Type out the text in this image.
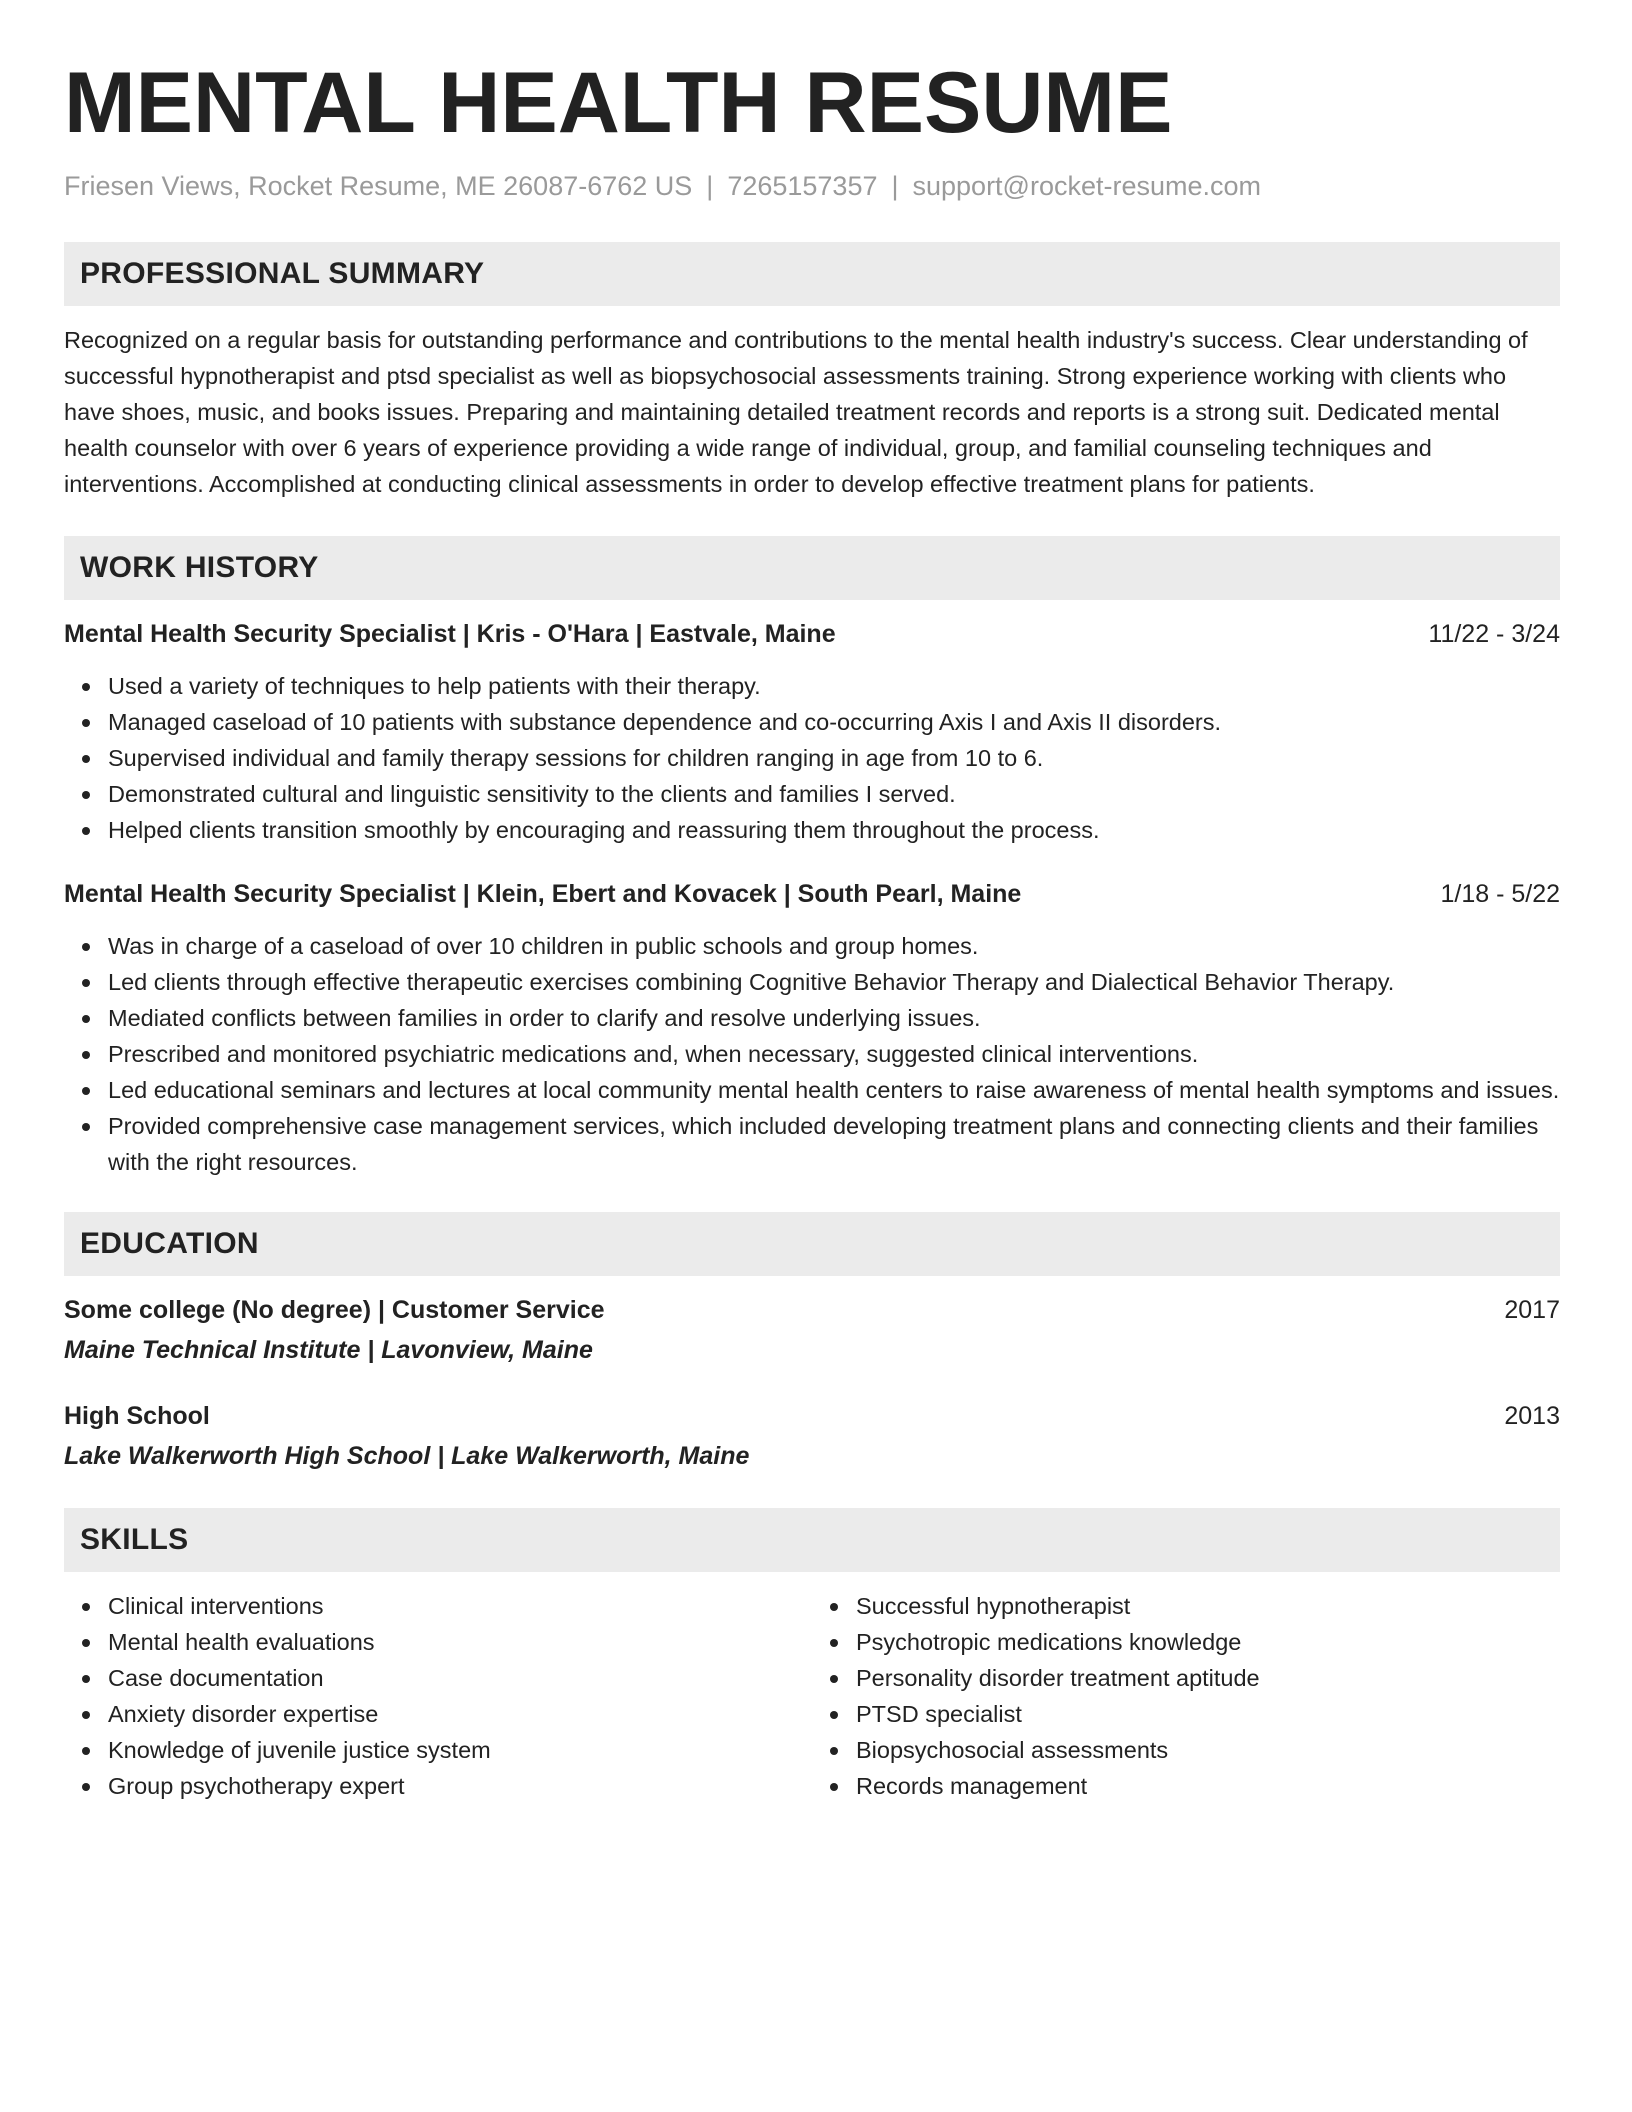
MENTAL HEALTH RESUME
Friesen Views, Rocket Resume, ME 26087-6762 US | 7265157357 | support@rocket-resume.com
PROFESSIONAL SUMMARY

Recognized on a regular basis for outstanding performance and contributions to the mental health industry's success. Clear understanding of successful hypnotherapist and ptsd specialist as well as biopsychosocial assessments training. Strong experience working with clients who have shoes, music, and books issues. Preparing and maintaining detailed treatment records and reports is a strong suit. Dedicated mental health counselor with over 6 years of experience providing a wide range of individual, group, and familial counseling techniques and interventions. Accomplished at conducting clinical assessments in order to develop effective treatment plans for patients.

WORK HISTORY
Mental Health Security Specialist | Kris - O'Hara | Eastvale, Maine	11/22 - 3/24
Used a variety of techniques to help patients with their therapy.
Managed caseload of 10 patients with substance dependence and co-occurring Axis I and Axis II disorders.
Supervised individual and family therapy sessions for children ranging in age from 10 to 6.
Demonstrated cultural and linguistic sensitivity to the clients and families I served.
Helped clients transition smoothly by encouraging and reassuring them throughout the process.
Mental Health Security Specialist | Klein, Ebert and Kovacek | South Pearl, Maine	1/18 - 5/22
Was in charge of a caseload of over 10 children in public schools and group homes.
Led clients through effective therapeutic exercises combining Cognitive Behavior Therapy and Dialectical Behavior Therapy.
Mediated conflicts between families in order to clarify and resolve underlying issues.
Prescribed and monitored psychiatric medications and, when necessary, suggested clinical interventions.
Led educational seminars and lectures at local community mental health centers to raise awareness of mental health symptoms and issues.
Provided comprehensive case management services, which included developing treatment plans and connecting clients and their families with the right resources.
EDUCATION
Some college (No degree) | Customer Service	2017
Maine Technical Institute | Lavonview, Maine
High School	2013
Lake Walkerworth High School | Lake Walkerworth, Maine
SKILLS
Clinical interventions
Mental health evaluations
Case documentation
Anxiety disorder expertise
Knowledge of juvenile justice system
Group psychotherapy expert
Successful hypnotherapist
Psychotropic medications knowledge
Personality disorder treatment aptitude
PTSD specialist
Biopsychosocial assessments
Records management
